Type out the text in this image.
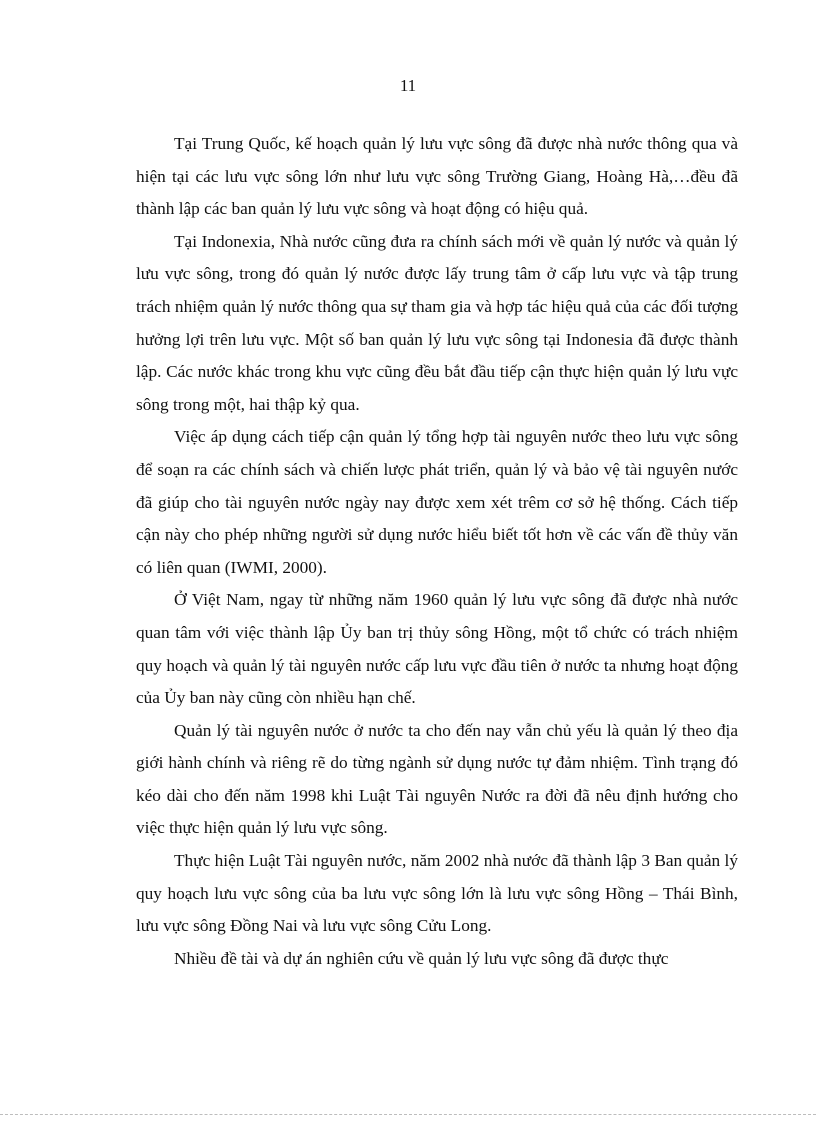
11

Tại Trung Quốc, kế hoạch quản lý lưu vực sông đã được nhà nước thông qua và hiện tại các lưu vực sông lớn như lưu vực sông Trường Giang, Hoàng Hà,…đều đã thành lập các ban quản lý lưu vực sông và hoạt động có hiệu quả.

Tại Indonexia, Nhà nước cũng đưa ra chính sách mới về quản lý nước và quản lý lưu vực sông, trong đó quản lý nước được lấy trung tâm ở cấp lưu vực và tập trung trách nhiệm quản lý nước thông qua sự tham gia và hợp tác hiệu quả của các đối tượng hưởng lợi trên lưu vực. Một số ban quản lý lưu vực sông tại Indonesia đã được thành lập. Các nước khác trong khu vực cũng đều bắt đầu tiếp cận thực hiện quản lý lưu vực sông trong một, hai thập kỷ qua.

Việc áp dụng cách tiếp cận quản lý tổng hợp tài nguyên nước theo lưu vực sông để soạn ra các chính sách và chiến lược phát triển, quản lý và bảo vệ tài nguyên nước đã giúp cho tài nguyên nước ngày nay được xem xét trêm cơ sở hệ thống. Cách tiếp cận này cho phép những người sử dụng nước hiểu biết tốt hơn về các vấn đề thủy văn có liên quan (IWMI, 2000).

Ở Việt Nam, ngay từ những năm 1960 quản lý lưu vực sông đã được nhà nước quan tâm với việc thành lập Ủy ban trị thủy sông Hồng, một tổ chức có trách nhiệm quy hoạch và quản lý tài nguyên nước cấp lưu vực đầu tiên ở nước ta nhưng hoạt động của Ủy ban này cũng còn nhiều hạn chế.

Quản lý tài nguyên nước ở nước ta cho đến nay vẫn chủ yếu là quản lý theo địa giới hành chính và riêng rẽ do từng ngành sử dụng nước tự đảm nhiệm. Tình trạng đó kéo dài cho đến năm 1998 khi Luật Tài nguyên Nước ra đời đã nêu định hướng cho việc thực hiện quản lý lưu vực sông.

Thực hiện Luật Tài nguyên nước, năm 2002 nhà nước đã thành lập 3 Ban quản lý quy hoạch lưu vực sông của ba lưu vực sông lớn là lưu vực sông Hồng – Thái Bình, lưu vực sông Đồng Nai và lưu vực sông Cửu Long.

Nhiều đề tài và dự án nghiên cứu về quản lý lưu vực sông đã được thực
